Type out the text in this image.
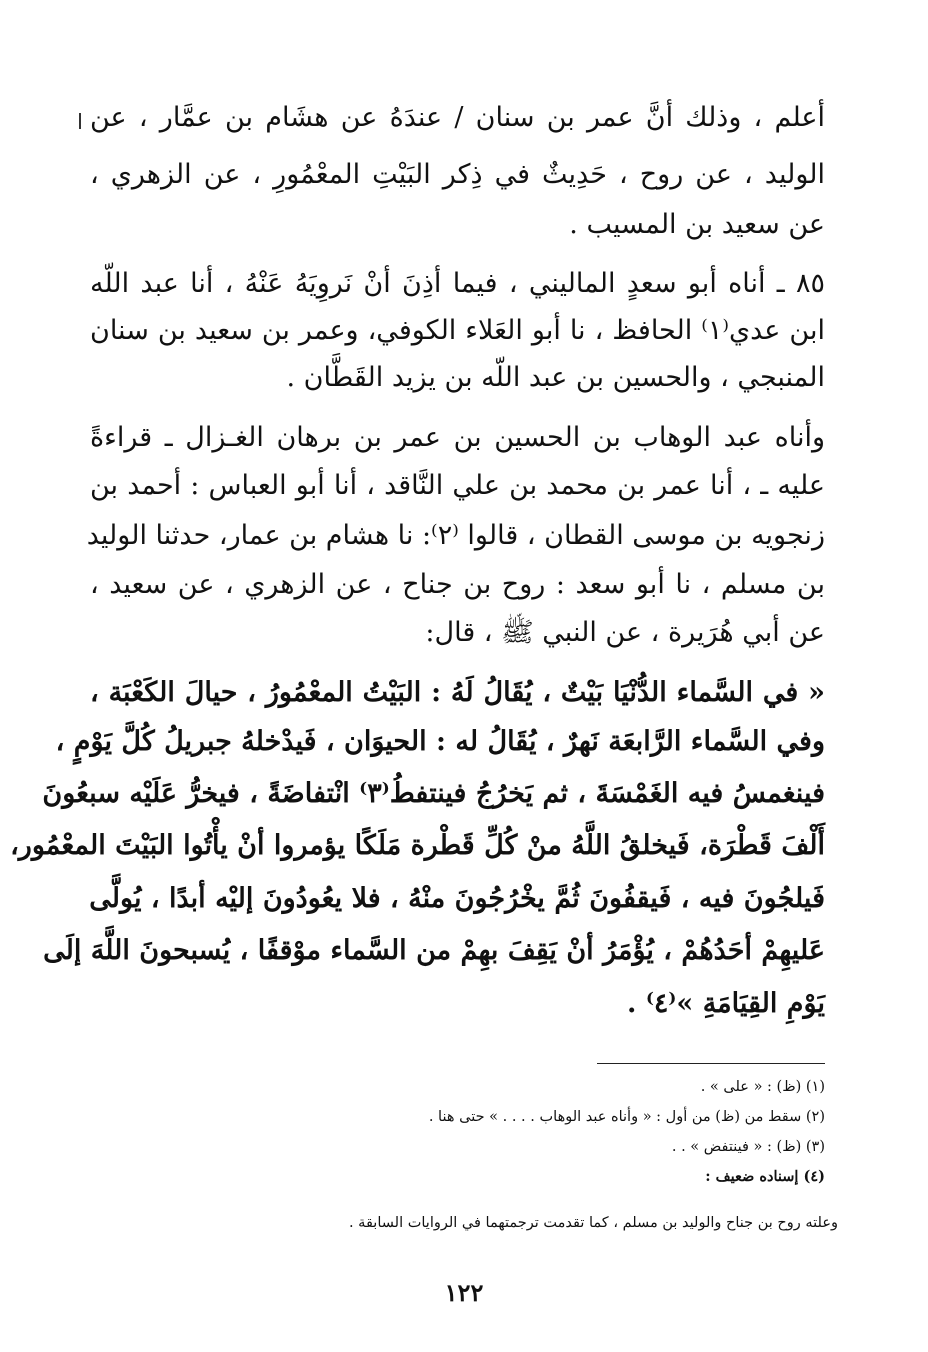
أعلم ، وذلك أنَّ عمر بن سنان / عندَهُ عن هشَام بن عمَّار ، عن
الوليد ، عن روح ، حَدِيثٌ في ذِكر البَيْتِ المعْمُورِ ، عن الزهري ،
عن سعيد بن المسيب .
٨٥ ـ أناه أبو سعدٍ الماليني ، فيما أذِنَ أنْ نَروِيَهُ عَنْهُ ، أنا عبد اللّه
ابن عدي⁽١⁾ الحافظ ، نا أبو العَلاء الكوفي، وعمر بن سعيد بن سنان
المنبجي ، والحسين بن عبد اللّه بن يزيد القَطَّان .
وأناه عبد الوهاب بن الحسين بن عمر بن برهان الغـزال ـ قراءةً
عليه ـ ، أنا عمر بن محمد بن علي النَّاقد ، أنا أبو العباس : أحمد بن
زنجويه بن موسى القطان ، قالوا ⁽٢⁾: نا هشام بن عمار، حدثنا الوليد
بن مسلم ، نا أبو سعد : روح بن جناح ، عن الزهري ، عن سعيد ،
عن أبي هُرَيرة ، عن النبي ﷺ ، قال:
« في السَّماء الدُّنْيَا بَيْتٌ ، يُقَالُ لَهُ : البَيْتُ المعْمُورُ ، حيالَ الكَعْبَة ،
وفي السَّماء الرَّابعَة نَهرٌ ، يُقَالُ له : الحيوَان ، فَيدْخلهُ جبريلُ كُلَّ يَوْمٍ ،
فينغمسُ فيه الغَمْسَةَ ، ثم يَخرُجُ فينتفطُ⁽٣⁾ انْتفاضَةً ، فيخرُّ عَلَيْه سبعُونَ
أَلْفَ قَطْرَة، فَيخلقُ اللَّهُ منْ كُلِّ قَطْرة مَلَكًا يؤمروا أنْ يأْتُوا البَيْتَ المعْمُور،
فَيلجُونَ فيه ، فَيقفُونَ ثُمَّ يخْرُجُونَ منْهُ ، فلا يعُودُونَ إليْه أبدًا ، يُولَّى
عَليهِمْ أحَدُهُمْ ، يُؤْمَرُ أنْ يَقِفَ بهِمْ من السَّماء موْقفًا ، يُسبحونَ اللَّهَ إلَى
يَوْمِ القِيَامَةِ »⁽٤⁾ .
(١) (ظ) : « على » .
(٢) سقط من (ظ) من أول : « وأناه عبد الوهاب . . . . » حتى هنا .
(٣) (ظ) : « فينتفض » . .
(٤) إسناده ضعيف :
وعلته روح بن جناح والوليد بن مسلم ، كما تقدمت ترجمتهما في الروايات السابقة .
١٢٢
